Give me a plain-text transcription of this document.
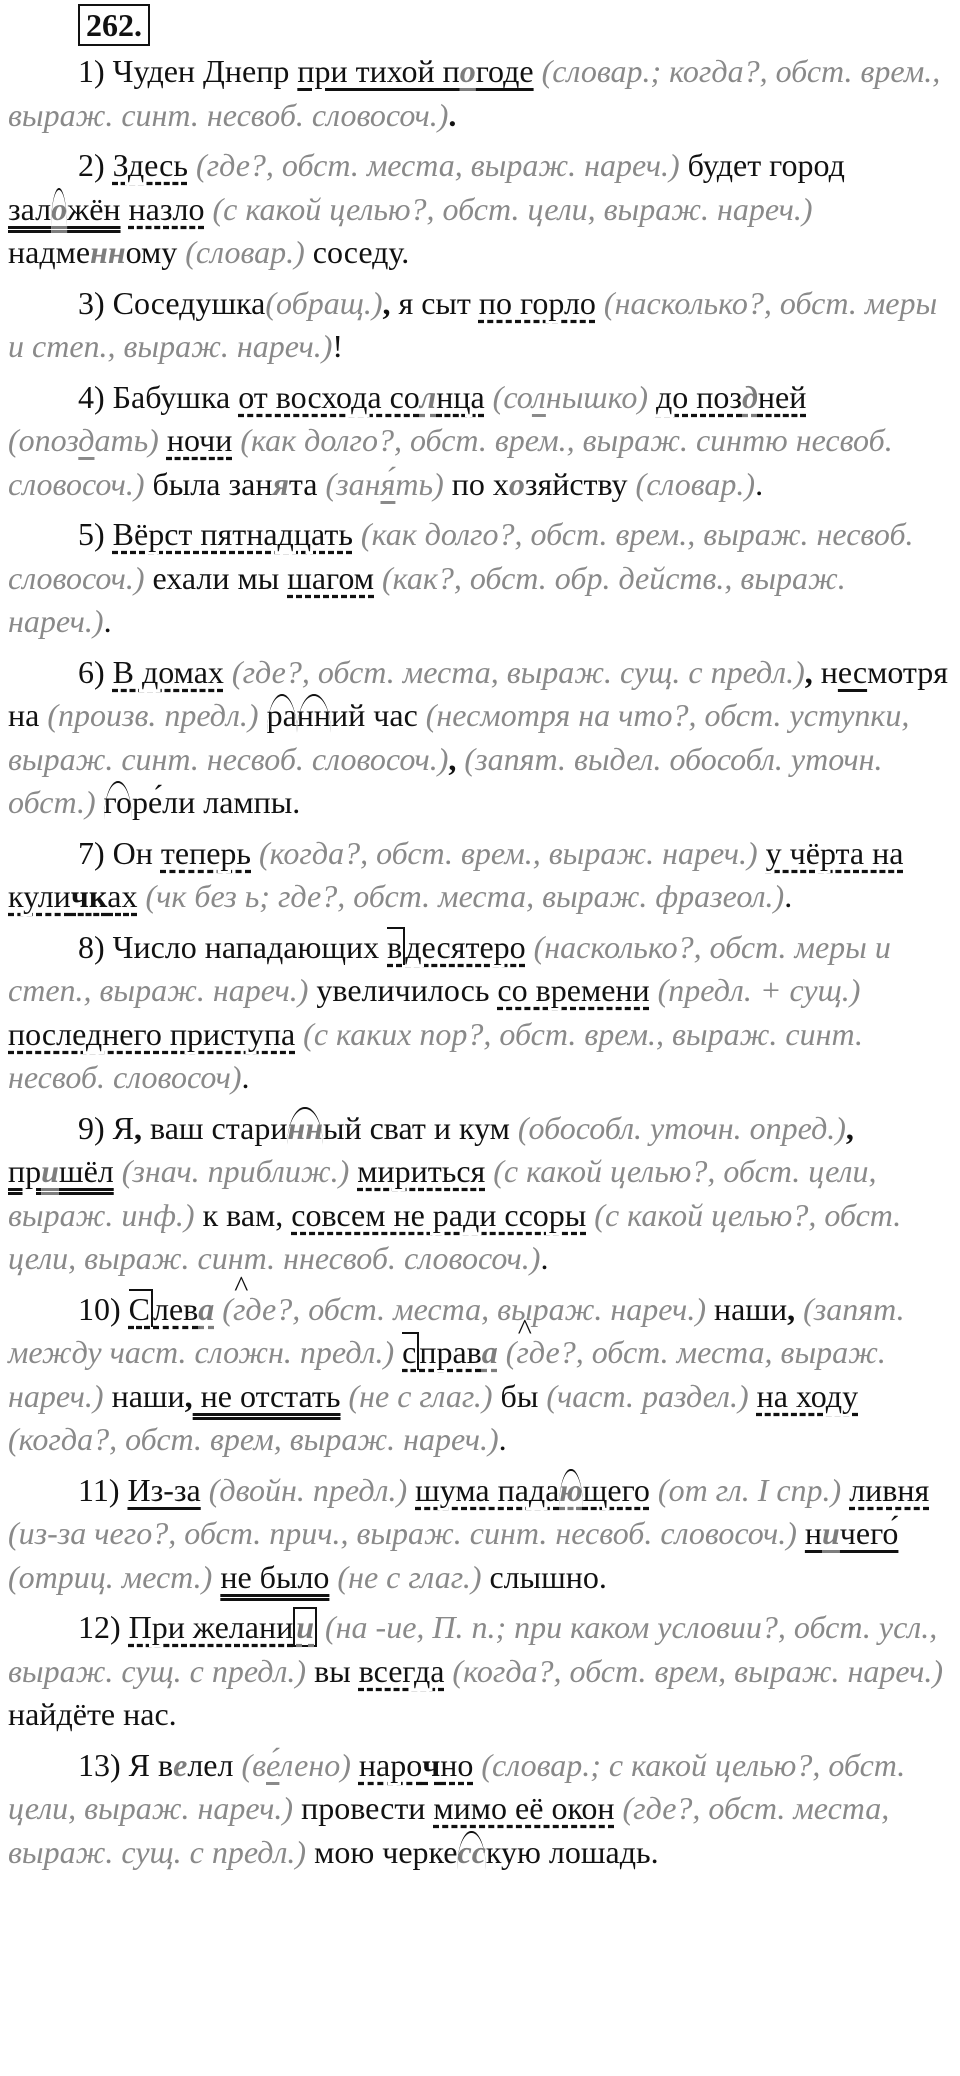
262.

1) Чуден Днепр при тихой погоде (словар.; когда?, обст. врем., выраж. синт. несвоб. словосоч.).

2) Здесь (где?, обст. места, выраж. нареч.) будет город заложён назло (с какой целью?, обст. цели, выраж. нареч.) надменному (словар.) соседу.

3) Соседушка(обращ.), я сыт по горло (насколько?, обст. меры и степ., выраж. нареч.)!

4) Бабушка от восхода солнца (солнышко) до поздней (опоздать) ночи (как долго?, обст. врем., выраж. синтю несвоб. словосоч.) была занята (заня́ть) по хозяйству (словар.).

5) Вёрст пятнадцать (как долго?, обст. врем., выраж. несвоб. словосоч.) ехали мы шагом (как?, обст. обр. действ., выраж. нареч.).

6) В домах (где?, обст. места, выраж. сущ. с предл.), несмотря на (произв. предл.) ранний час (несмотря на что?, обст. уступки, выраж. синт. несвоб. словосоч.), (запят. выдел. обособл. уточн. обст.) горе́ли лампы.

7) Он теперь (когда?, обст. врем., выраж. нареч.) у чёрта на куличках (чк без ь; где?, обст. места, выраж. фразеол.).

8) Число нападающих вдесятеро (насколько?, обст. меры и степ., выраж. нареч.) увеличилось со времени (предл. + сущ.) последнего приступа (с каких пор?, обст. врем., выраж. синт. несвоб. словосоч).

9) Я, ваш старинный сват и кум (обособл. уточн. опред.), пришёл (знач. приближ.) мириться (с какой целью?, обст. цели, выраж. инф.) к вам, совсем не ради ссоры (с какой целью?, обст. цели, выраж. синт. ннесвоб. словосоч.).

10) Слев^ а (где?, обст. места, выраж. нареч.) наши, (запят. между част. сложн. предл.) справ^ а (где?, обст. места, выраж. нареч.) наши, не отстать (не с глаг.) бы (част. раздел.) на ходу (когда?, обст. врем, выраж. нареч.).

11) Из-за (двойн. предл.) шума падающего (от гл. I спр.) ливня (из-за чего?, обст. прич., выраж. синт. несвоб. словосоч.) ничего́ (отриц. мест.) не было (не с глаг.) слышно.

12) При желании (на -ие, П. п.; при каком условии?, обст. усл., выраж. сущ. с предл.) вы всегда (когда?, обст. врем, выраж. нареч.) найдёте нас.

13) Я велел (ве́лено) нарочно (словар.; с какой целью?, обст. цели, выраж. нареч.) провести мимо её окон (где?, обст. места, выраж. сущ. с предл.) мою черкесскую лошадь.
